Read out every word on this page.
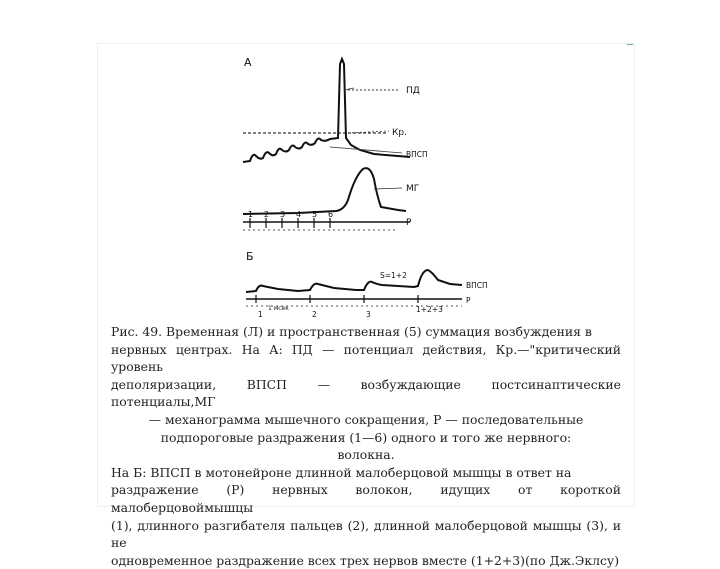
А
1 2 3 4 5 6
ПД
Кр.
ВПСП
МГ
Р
Б
S=1+2
ВПСП
Р
1+2+3
1	2	3
1 мсек

Рис. 49. Временная (Л) и пространственная (5) суммация возбуждения в

нервных центрах. На А: ПД — потенциал действия, Кр.—"критический уровень

деполяризации, ВПСП — возбуждающие постсинаптические потенциалы,МГ

— механограмма мышечного сокращения, Р — последовательные

подпороговые раздражения (1—6) одного и того же нервного:

волокна.

На Б: ВПСП в мотонейроне длинной малоберцовой мышцы в ответ на

раздражение (Р) нервных волокон, идущих от короткой малоберцовоймышцы

(1), длинного разгибателя пальцев (2), длинной малоберцовой мышцы (3), и не

одновременное раздражение всех трех нервов вместе (1+2+3)(по Дж.Эклсу)
